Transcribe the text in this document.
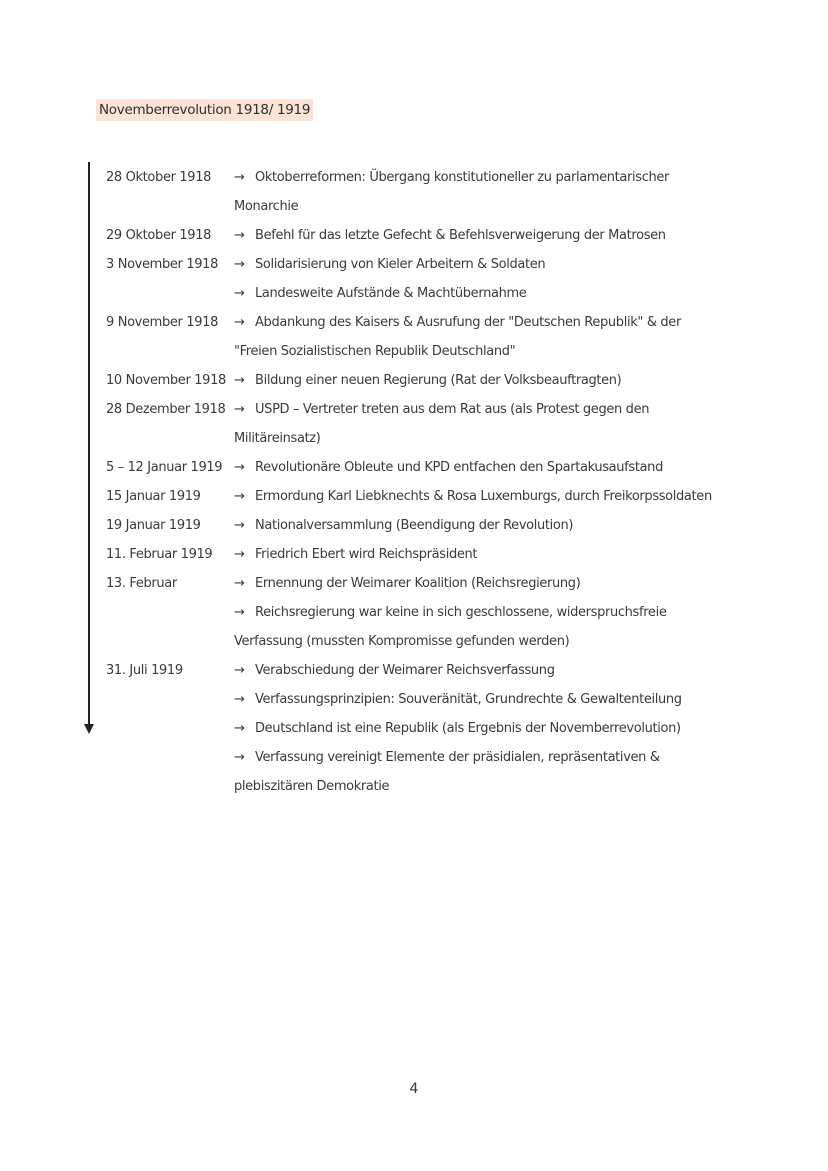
Novemberrevolution 1918/ 1919
28 Oktober 1918 → Oktoberreformen: Übergang konstitutioneller zu parlamentarischer
Monarchie
29 Oktober 1918 → Befehl für das letzte Gefecht & Befehlsverweigerung der Matrosen
3 November 1918 → Solidarisierung von Kieler Arbeitern & Soldaten
→ Landesweite Aufstände & Machtübernahme
9 November 1918 → Abdankung des Kaisers & Ausrufung der "Deutschen Republik" & der
"Freien Sozialistischen Republik Deutschland"
10 November 1918 → Bildung einer neuen Regierung (Rat der Volksbeauftragten)
28 Dezember 1918 → USPD – Vertreter treten aus dem Rat aus (als Protest gegen den
Militäreinsatz)
5 – 12 Januar 1919 → Revolutionäre Obleute und KPD entfachen den Spartakusaufstand
15 Januar 1919	→ Ermordung Karl Liebknechts & Rosa Luxemburgs, durch Freikorpssoldaten
19 Januar 1919	→ Nationalversammlung (Beendigung der Revolution)
11. Februar 1919 → Friedrich Ebert wird Reichspräsident
13. Februar	→ Ernennung der Weimarer Koalition (Reichsregierung)
→ Reichsregierung war keine in sich geschlossene, widerspruchsfreie
Verfassung (mussten Kompromisse gefunden werden)
31. Juli 1919	→ Verabschiedung der Weimarer Reichsverfassung
→ Verfassungsprinzipien: Souveränität, Grundrechte & Gewaltenteilung
→ Deutschland ist eine Republik (als Ergebnis der Novemberrevolution)
→ Verfassung vereinigt Elemente der präsidialen, repräsentativen &
plebiszitären Demokratie
4
